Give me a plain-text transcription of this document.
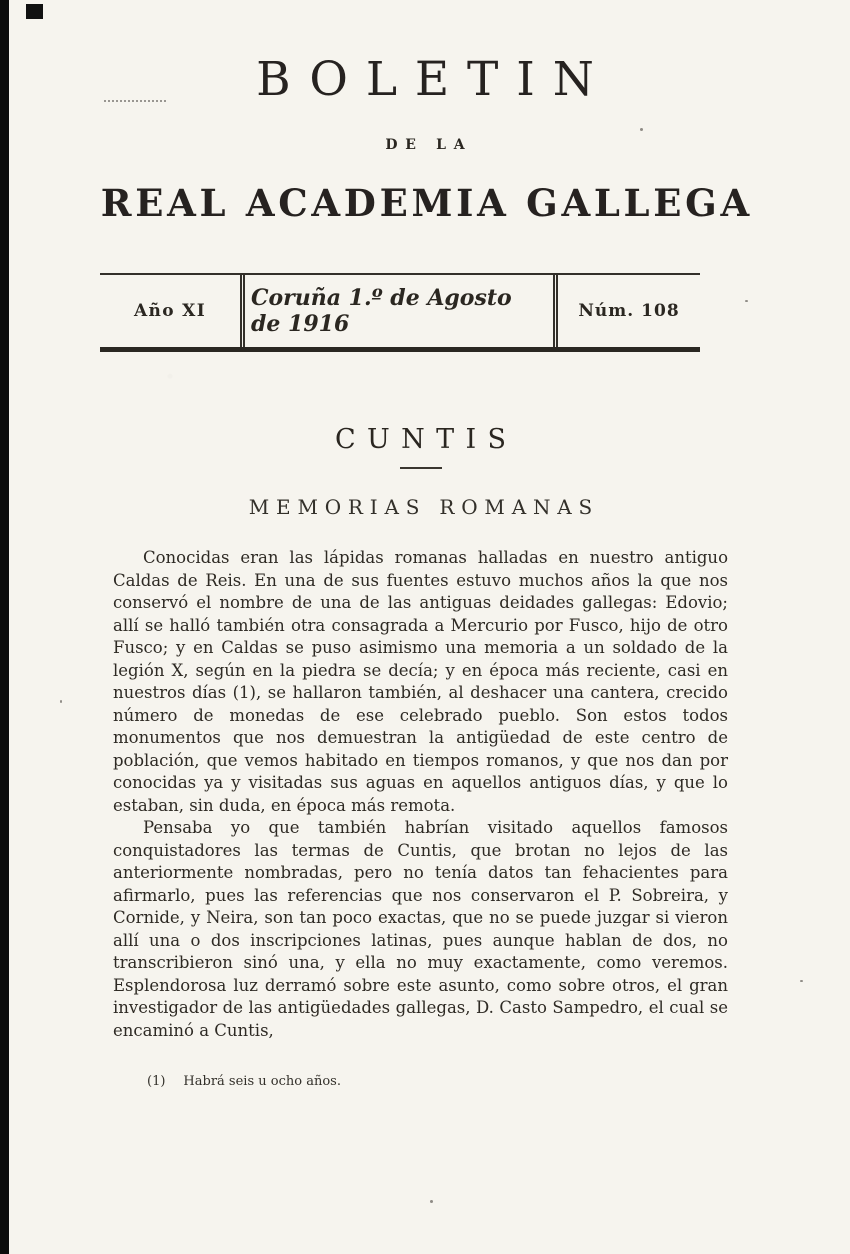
BOLETIN
DE LA
REAL ACADEMIA GALLEGA
Año XI	Coruña 1.º de Agosto de 1916	Núm. 108
CUNTIS
MEMORIAS ROMANAS

Conocidas eran las lápidas romanas halladas en nuestro antiguo Caldas de Reis. En una de sus fuentes estuvo muchos años la que nos conservó el nombre de una de las antiguas deidades gallegas: Edovio; allí se halló también otra consagrada a Mercurio por Fusco, hijo de otro Fusco; y en Caldas se puso asimismo una memoria a un soldado de la legión X, según en la piedra se decía; y en época más reciente, casi en nuestros días (1), se hallaron también, al deshacer una cantera, crecido número de monedas de ese celebrado pueblo. Son estos todos monumentos que nos demuestran la antigüedad de este centro de población, que vemos habitado en tiempos romanos, y que nos dan por conocidas ya y visitadas sus aguas en aquellos antiguos días, y que lo estaban, sin duda, en época más remota.

Pensaba yo que también habrían visitado aquellos famosos conquistadores las termas de Cuntis, que brotan no lejos de las anteriormente nombradas, pero no tenía datos tan fehacientes para afirmarlo, pues las referencias que nos conservaron el P. Sobreira, y Cornide, y Neira, son tan poco exactas, que no se puede juzgar si vieron allí una o dos inscripciones latinas, pues aunque hablan de dos, no transcribieron sinó una, y ella no muy exactamente, como veremos. Esplendorosa luz derramó sobre este asunto, como sobre otros, el gran investigador de las antigüedades gallegas, D. Casto Sampedro, el cual se encaminó a Cuntis,

(1) Habrá seis u ocho años.
